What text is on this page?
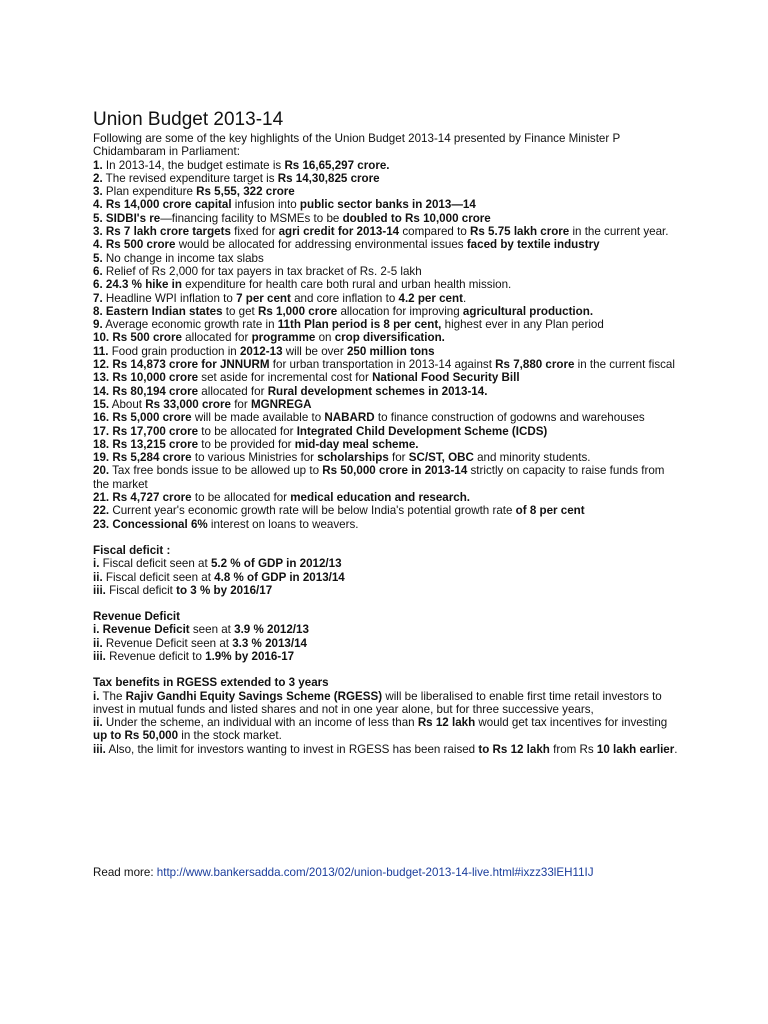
Union Budget 2013-14

Following are some of the key highlights of the Union Budget 2013-14 presented by Finance Minister P Chidambaram in Parliament:

1. In 2013-14, the budget estimate is Rs 16,65,297 crore.

2. The revised expenditure target is Rs 14,30,825 crore

3. Plan expenditure Rs 5,55, 322 crore

4. Rs 14,000 crore capital infusion into public sector banks in 2013—14

5. SIDBI's re—financing facility to MSMEs to be doubled to Rs 10,000 crore

3. Rs 7 lakh crore targets fixed for agri credit for 2013-14 compared to Rs 5.75 lakh crore in the current year.

4. Rs 500 crore would be allocated for addressing environmental issues faced by textile industry

5. No change in income tax slabs

6. Relief of Rs 2,000 for tax payers in tax bracket of Rs. 2-5 lakh

6. 24.3 % hike in expenditure for health care both rural and urban health mission.

7. Headline WPI inflation to 7 per cent and core inflation to 4.2 per cent.

8. Eastern Indian states to get Rs 1,000 crore allocation for improving agricultural production.

9. Average economic growth rate in 11th Plan period is 8 per cent, highest ever in any Plan period

10. Rs 500 crore allocated for programme on crop diversification.

11. Food grain production in 2012-13 will be over 250 million tons

12. Rs 14,873 crore for JNNURM for urban transportation in 2013-14 against Rs 7,880 crore in the current fiscal

13. Rs 10,000 crore set aside for incremental cost for National Food Security Bill

14. Rs 80,194 crore allocated for Rural development schemes in 2013-14.

15. About Rs 33,000 crore for MGNREGA

16. Rs 5,000 crore will be made available to NABARD to finance construction of godowns and warehouses

17. Rs 17,700 crore to be allocated for Integrated Child Development Scheme (ICDS)

18. Rs 13,215 crore to be provided for mid-day meal scheme.

19. Rs 5,284 crore to various Ministries for scholarships for SC/ST, OBC and minority students.

20. Tax free bonds issue to be allowed up to Rs 50,000 crore in 2013-14 strictly on capacity to raise funds from the market

21. Rs 4,727 crore to be allocated for medical education and research.

22. Current year's economic growth rate will be below India's potential growth rate of 8 per cent

23. Concessional 6% interest on loans to weavers.

Fiscal deficit :

i. Fiscal deficit seen at 5.2 % of GDP in 2012/13

ii. Fiscal deficit seen at 4.8 % of GDP in 2013/14

iii. Fiscal deficit to 3 % by 2016/17

Revenue Deficit

i. Revenue Deficit seen at 3.9 % 2012/13

ii. Revenue Deficit seen at 3.3 % 2013/14

iii. Revenue deficit to 1.9% by 2016-17

Tax benefits in RGESS extended to 3 years

i. The Rajiv Gandhi Equity Savings Scheme (RGESS) will be liberalised to enable first time retail investors to invest in mutual funds and listed shares and not in one year alone, but for three successive years,

ii. Under the scheme, an individual with an income of less than Rs 12 lakh would get tax incentives for investing up to Rs 50,000 in the stock market.

iii. Also, the limit for investors wanting to invest in RGESS has been raised to Rs 12 lakh from Rs 10 lakh earlier.

Read more: http://www.bankersadda.com/2013/02/union-budget-2013-14-live.html#ixzz33lEH11IJ
